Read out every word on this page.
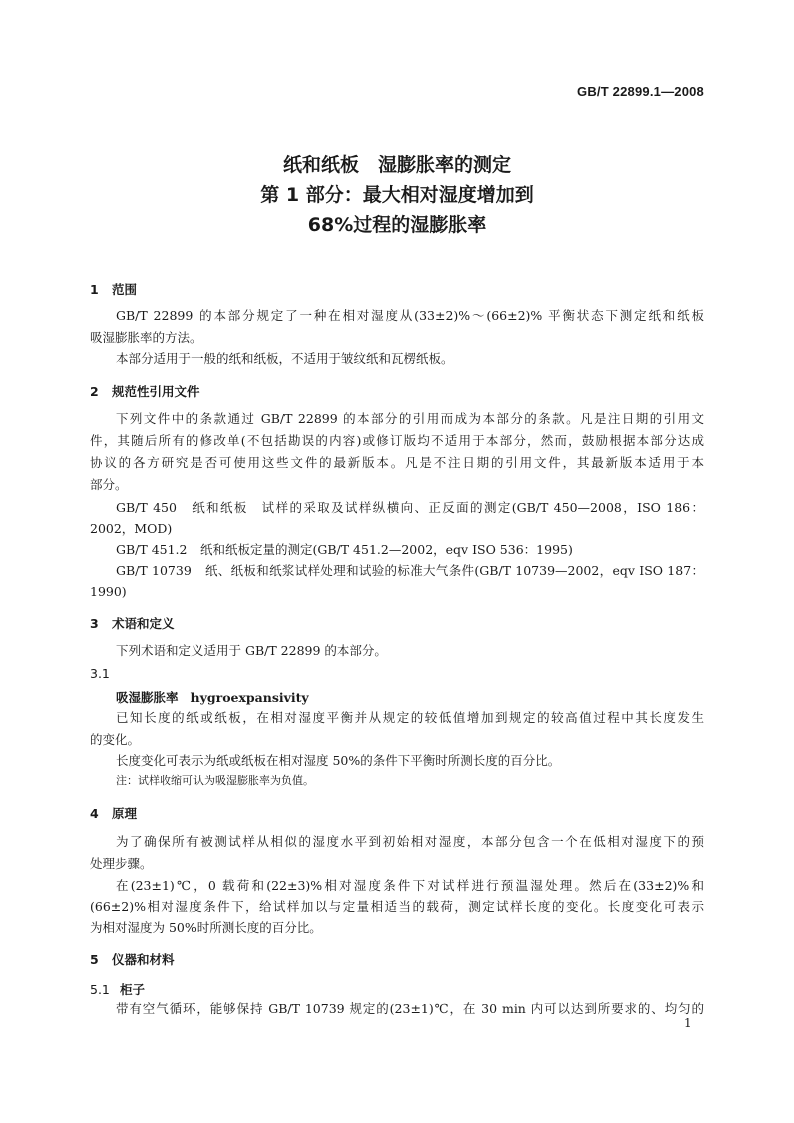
GB/T 22899.1—2008
纸和纸板　湿膨胀率的测定
第 1 部分：最大相对湿度增加到
68%过程的湿膨胀率
1 范围
GB/T 22899 的本部分规定了一种在相对湿度从(33±2)%～(66±2)% 平衡状态下测定纸和纸板
吸湿膨胀率的方法。
本部分适用于一般的纸和纸板，不适用于皱纹纸和瓦楞纸板。
2 规范性引用文件
下列文件中的条款通过 GB/T 22899 的本部分的引用而成为本部分的条款。凡是注日期的引用文
件，其随后所有的修改单(不包括勘误的内容)或修订版均不适用于本部分，然而，鼓励根据本部分达成
协议的各方研究是否可使用这些文件的最新版本。凡是不注日期的引用文件，其最新版本适用于本
部分。
GB/T 450　纸和纸板　试样的采取及试样纵横向、正反面的测定(GB/T 450—2008，ISO 186：
2002，MOD)
GB/T 451.2　纸和纸板定量的测定(GB/T 451.2—2002，eqv ISO 536：1995)
GB/T 10739　纸、纸板和纸浆试样处理和试验的标准大气条件(GB/T 10739—2002，eqv ISO 187：
1990)
3 术语和定义
下列术语和定义适用于 GB/T 22899 的本部分。
3.1
吸湿膨胀率 hygroexpansivity
已知长度的纸或纸板，在相对湿度平衡并从规定的较低值增加到规定的较高值过程中其长度发生
的变化。
长度变化可表示为纸或纸板在相对湿度 50%的条件下平衡时所测长度的百分比。
注：试样收缩可认为吸湿膨胀率为负值。
4 原理
为了确保所有被测试样从相似的湿度水平到初始相对湿度，本部分包含一个在低相对湿度下的预
处理步骤。
在(23±1)℃，0 载荷和(22±3)%相对湿度条件下对试样进行预温湿处理。然后在(33±2)%和
(66±2)%相对湿度条件下，给试样加以与定量相适当的载荷，测定试样长度的变化。长度变化可表示
为相对湿度为 50%时所测长度的百分比。
5 仪器和材料
5.1 柜子
带有空气循环，能够保持 GB/T 10739 规定的(23±1)℃，在 30 min 内可以达到所要求的、均匀的
1
